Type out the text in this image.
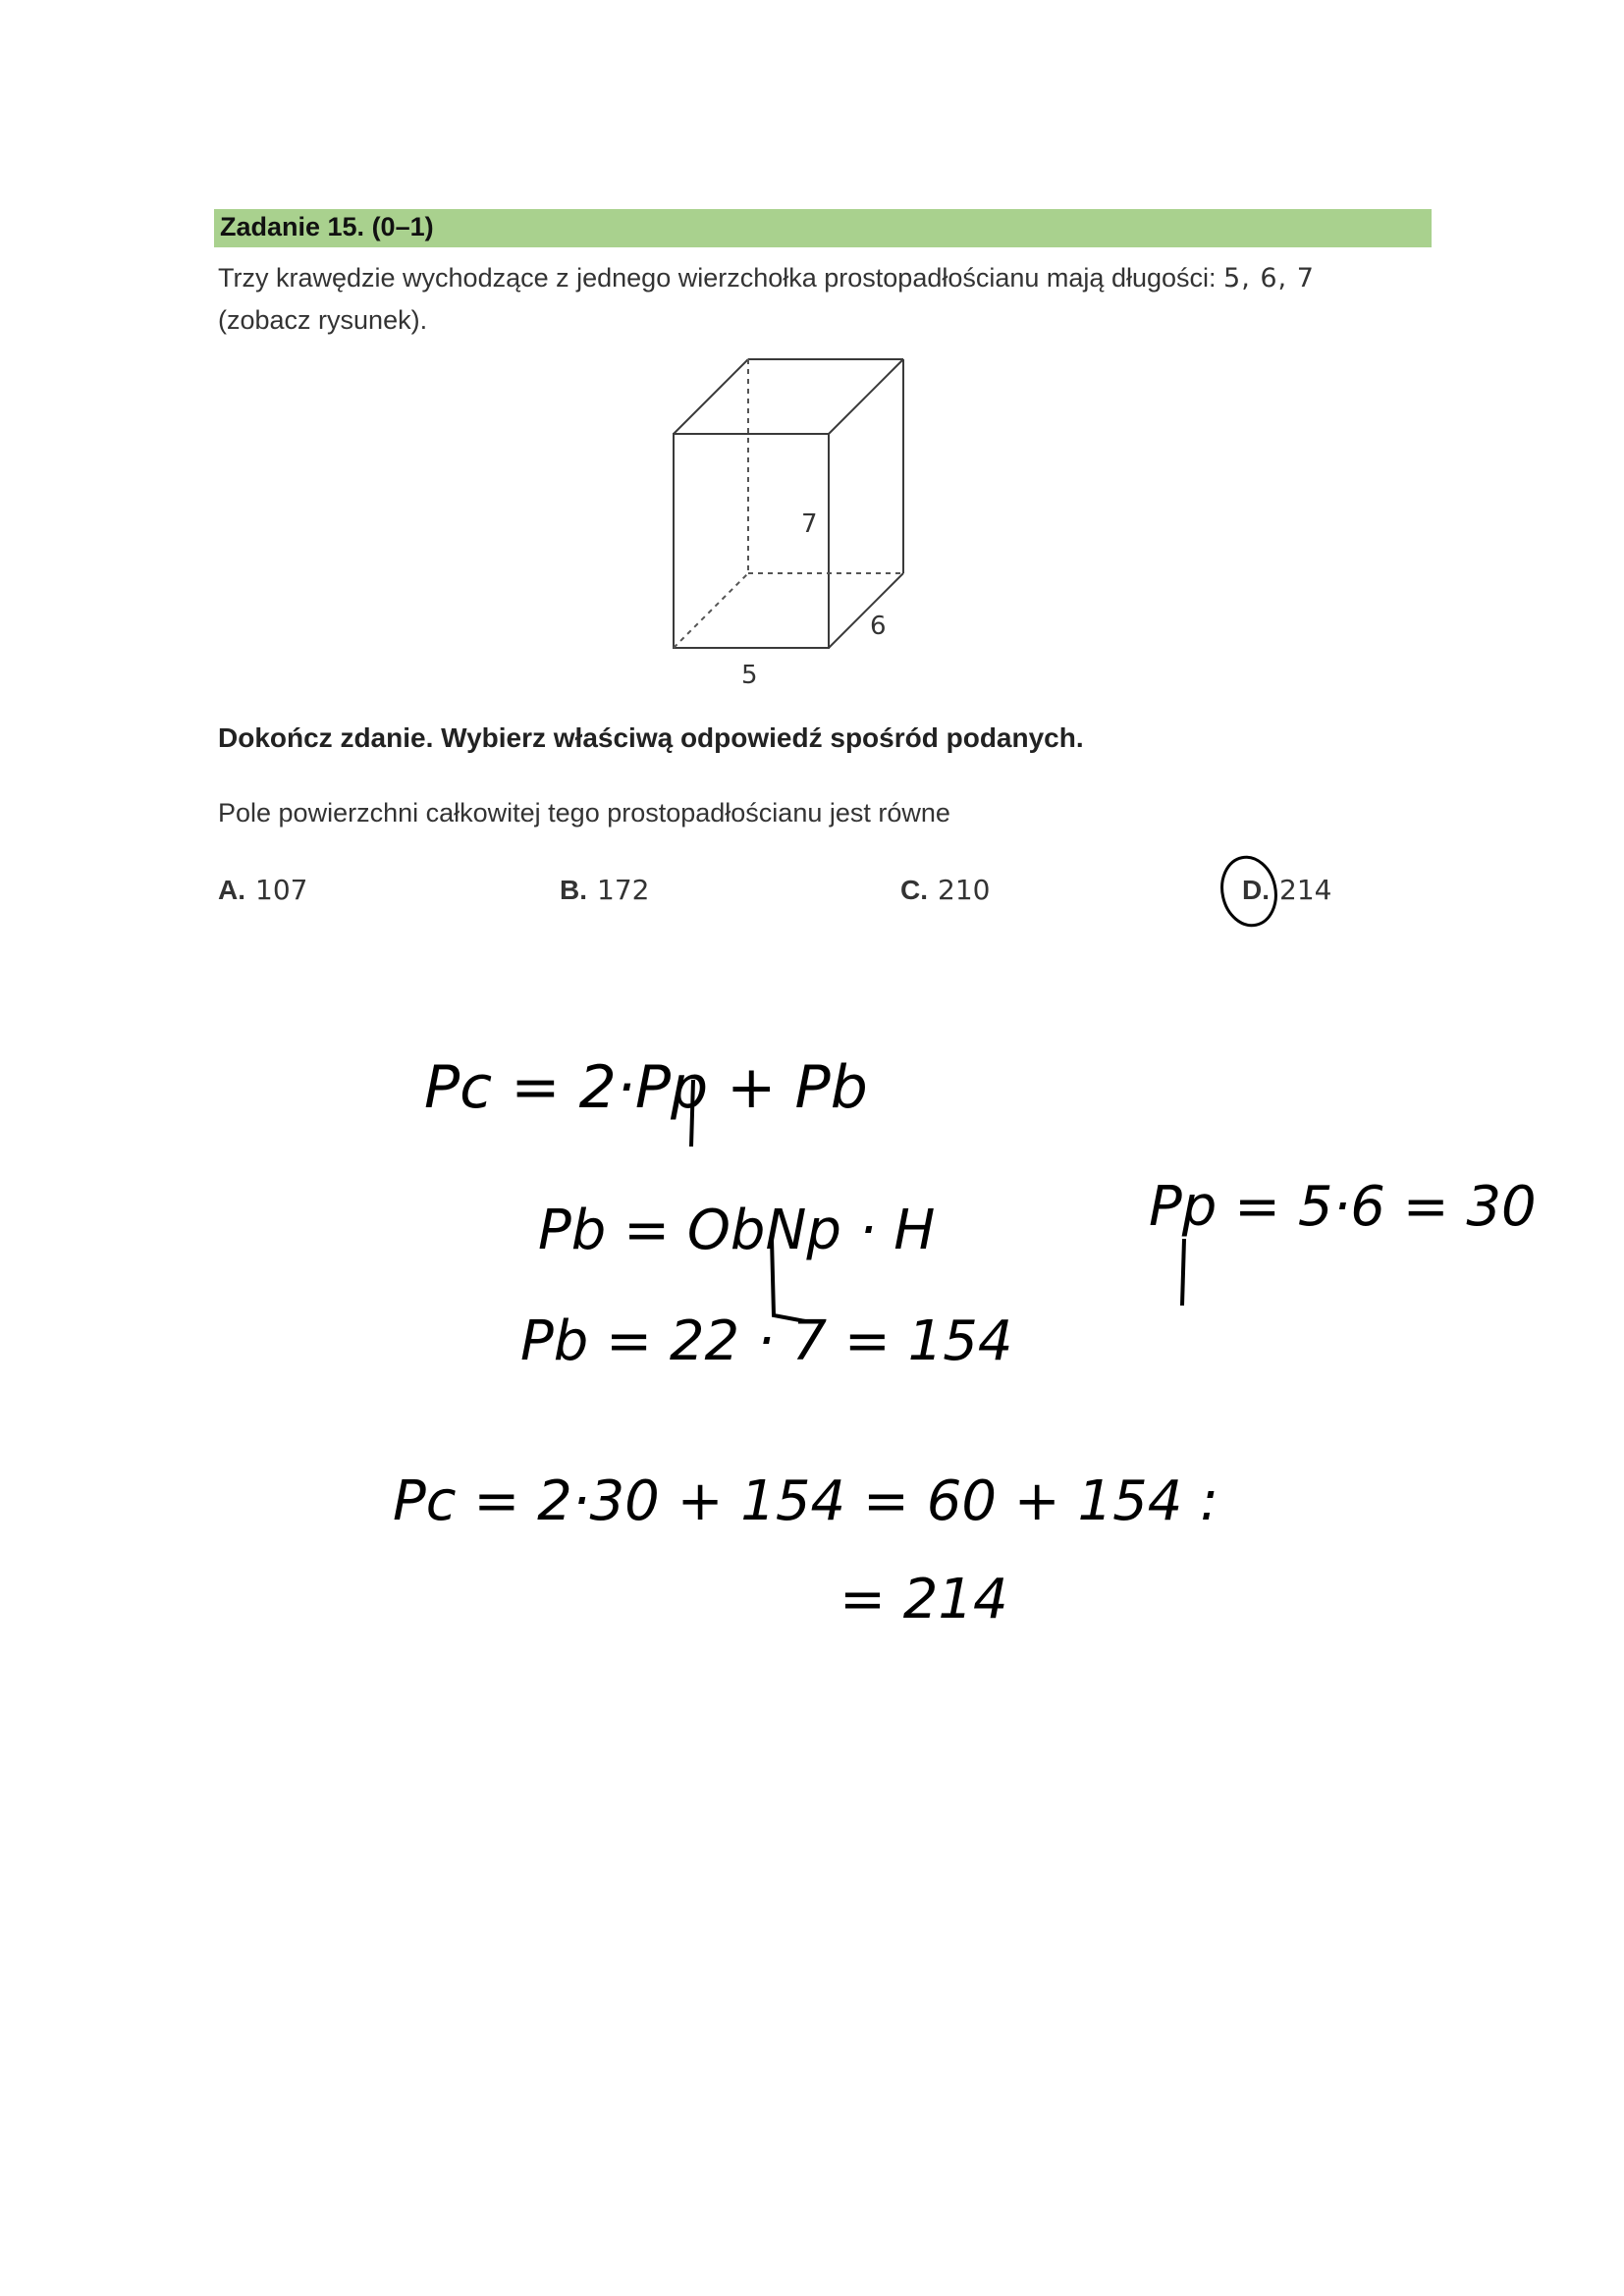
Zadanie 15. (0–1)
Trzy krawędzie wychodzące z jednego wierzchołka prostopadłościanu mają długości: 5, 6, 7
(zobacz rysunek).
7
6
5
Dokończ zdanie. Wybierz właściwą odpowiedź spośród podanych.
Pole powierzchni całkowitej tego prostopadłościanu jest równe
A. 107	B. 172	C. 210	D. 214
Pc = 2·Pp + Pb
Pb = ObNp · H
Pb = 22 · 7 = 154
Pp = 5·6 = 30
Pc = 2·30 + 154 = 60 + 154 :
= 214
